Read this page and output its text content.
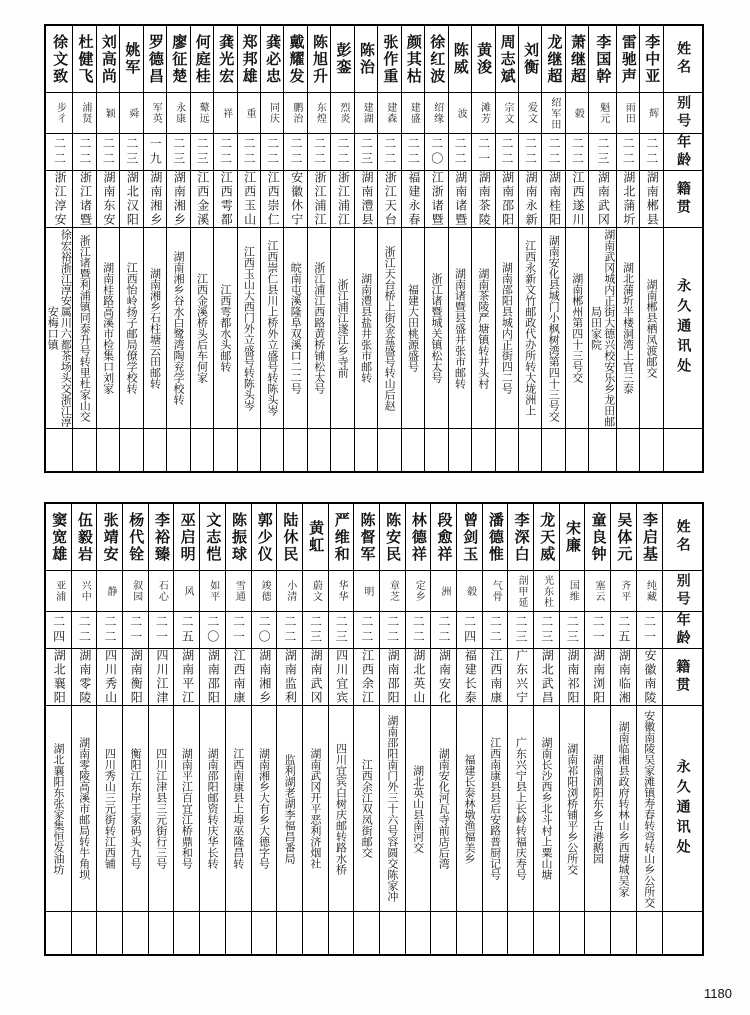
徐文致	杜健飞	刘高尚	姚军	罗德昌	廖征楚	何庭桂	龚光宏	郑邦雄	龚必忠	戴耀发	陈旭升	彭銮	陈治	张作重	颜其枯	徐红波	陈威	黄浚	周志斌	刘衡	龙继超	萧继超	李国幹	雷驰声	李中亚	姓名

步彳	浦贤	颖	舜	军英	永康	鼙远	祥	重	同庆	鹏治	东煌	烈炎	建湖	建森	建盛	绍缘	波	滩芳	宗文	爱文	绍军田	毂	魁元	雨田	辉	别号

二二	二二	二二	二三	一九	二三	二三	二二	二二	二二	二二	二二	二二	二三	二二	二二	二〇	二二	二一	二二	二二	二二	二二	二三	二二	二二	年龄

浙江淳安	浙江诸暨	湖南东安	湖北汉阳	湖南湘乡	湖南湘乡	江西金溪	江西雩都	江西玉山	江西崇仁	安徽休宁	浙江浦江	浙江浦江	湖南澧县	浙江天台	福建永春	江浙诸暨	湖南诸暨	湖南茶陵	湖南邵阳	湖南永新	湖南桂阳	江西遂川	湖南武冈	湖北蒲圻	湖南郴县	籍贯

徐宏裕浙江淳安属川六都茶场头交浙江淳安梅口镇	浙江诸暨利浦镇同泰升号转里杜家山交	湖南桂路高溪市检集口刘家	江西怡岭扬子邮局僚学校转	湖南湘乡石柱塘云田邮转	湖南湘乡谷水白鹭湾陶兖学校转	江西金溪桥头后车何家	江西雩都水头邮转	江西玉山大西门外立盛号转陈头岑	江西崇仁县川上桥外立盛号转陈头岑	皖南屯溪隆阜双溪口二二号	浙江浦江西路黄桥铺松太号	浙江浦江遂江乡寺前	湖南澧县盐井张市邮转	浙江天台桥上街金盆盛号转山后赵	福建大田桃源盛号	浙江诸暨城关镇松太号	湖南诸暨县盛井张市邮转	湖南茶陵严塘镇转井头村	湖南邵阳县城内正街四二号	江西永新文竹邮政代办所转大垅洲上	湖南安化县城门小枫树湾第四十三号交	湖南郴州第四十三号交	湖南武冈城内正街大德兴校安乐乡龙田邮局田家院	湖北蒲圻半楼洞湾上官三泰	湖南郴县栖凤渡邮交	永久通讯处

窦宽雄	伍毅岩	张靖安	杨代铨	李裕臻	巫启明	文志恺	陈振球	郭少仪	陆休民	黄虹	严维和	陈督军	陈安民	林德祥	段愈祥	曾剑玉	潘德惟	李深白	龙天威	宋廉	童良钟	吴体元	李启基	姓名

亚浦	兴中	静	叙园	石心	风	如平	雪通	竣德	小清	蔚文	华华	明	章芝	定乡	洲	毂	气骨	剖甲延	光东杜	国维	塞云	齐平	纯藏	别号

二四	二二	二二	二一	二一	二五	二〇	二一	二〇	二二	二三	二三	二二	二二	二二	二二	二四	二二	二三	二三	二三	二一	二五	二一	年龄

湖北襄阳	湖南零陵	四川秀山	湖南衡阳	四川江津	湖南平江	湖南邵阳	江西南康	湖南湘乡	湖南监利	湖南武冈	四川宜宾	江西余江	湖南邵阳	湖北英山	湖南安化	福建长泰	江西南康	广东兴宁	湖北武昌	湖南祁阳	湖南浏阳	湖南临湘	安徽南陵	籍贯

湖北襄阳东张家集恒发油坊	湖南零陵高溪市邮局转牛角坝	四川秀山三元街转江西铺	衡阳江东岸王家码头九号	四川江津县三元街行三号	湖南平江百宜江桥鼎和号	湖南邵阳邮资转庆华长转	江西南康县上埠巫隆昌转	湖南湘乡大有乡大德字号	监利湖老湖李福昌番局	湖南武冈开平恶利济烟社	四川宜宾白树庆邮转路水桥	江西余江双凤街邮交	湖南邵阳南门外三十六号容圆交陈家冲	湖北英山县南河交	湖南安化河瓦寺前店后湾	福建长泰林墩渔福美乡	江西南康县县后安路普厨记号	广东兴宁县上长岭转福庆寿号	湖南长沙西乡北斗村上粟山塘	湖南祁阳浏桥铺平乡公所交	湖南浏阳东乡古港鹅园	湖南临湘县政府转林山乡西塘城吴家	安徽南陵吴家滩镇寿春转弯转山乡公所交	永久通讯处

1180
